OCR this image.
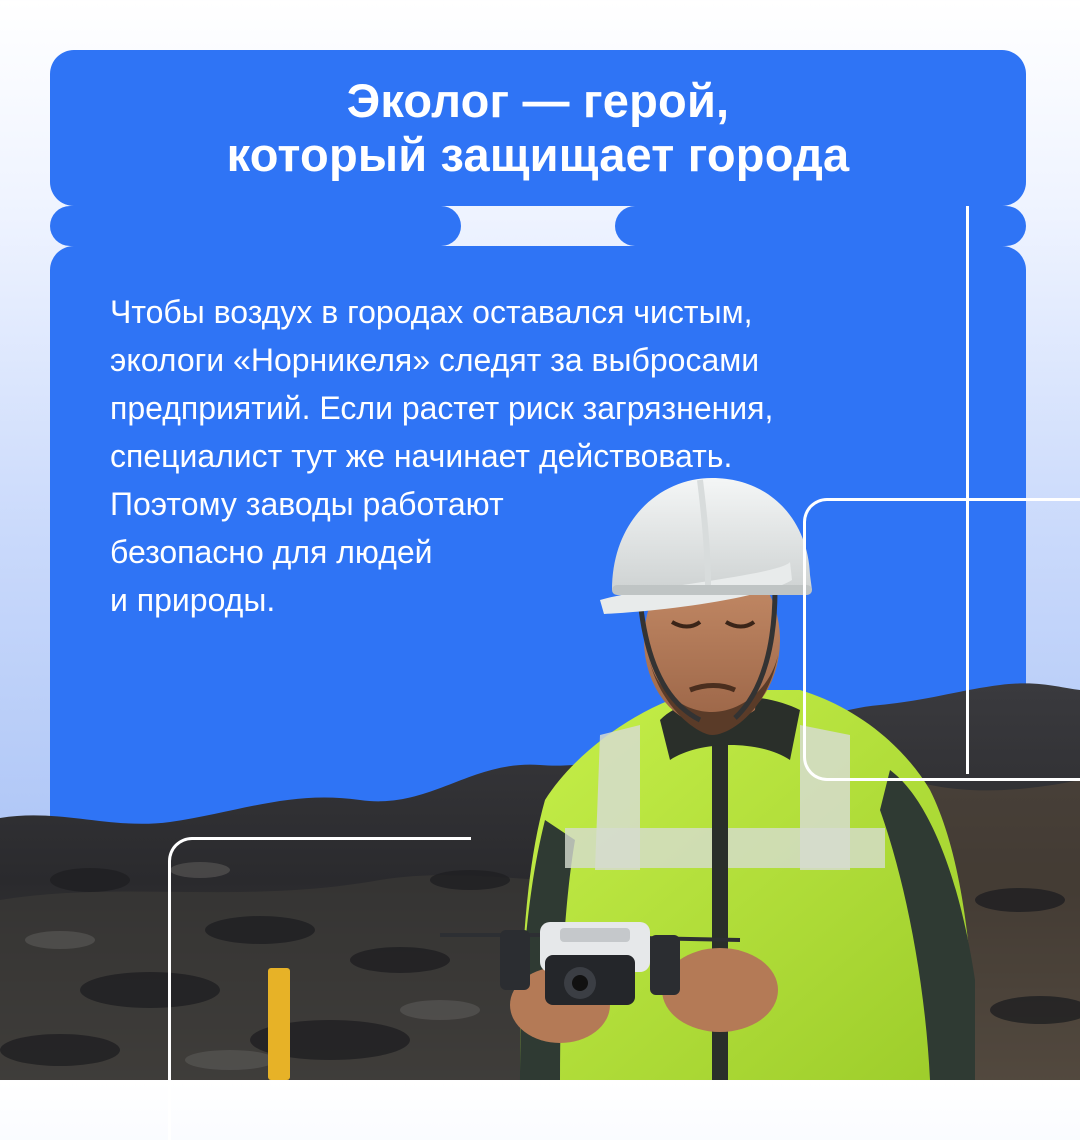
Эколог — герой,
который защищает города

Чтобы воздух в городах оставался чистым,
экологи «Норникеля» следят за выбросами
предприятий. Если растет риск загрязнения,
специалист тут же начинает действовать.
Поэтому заводы работают
безопасно для людей
и природы.
